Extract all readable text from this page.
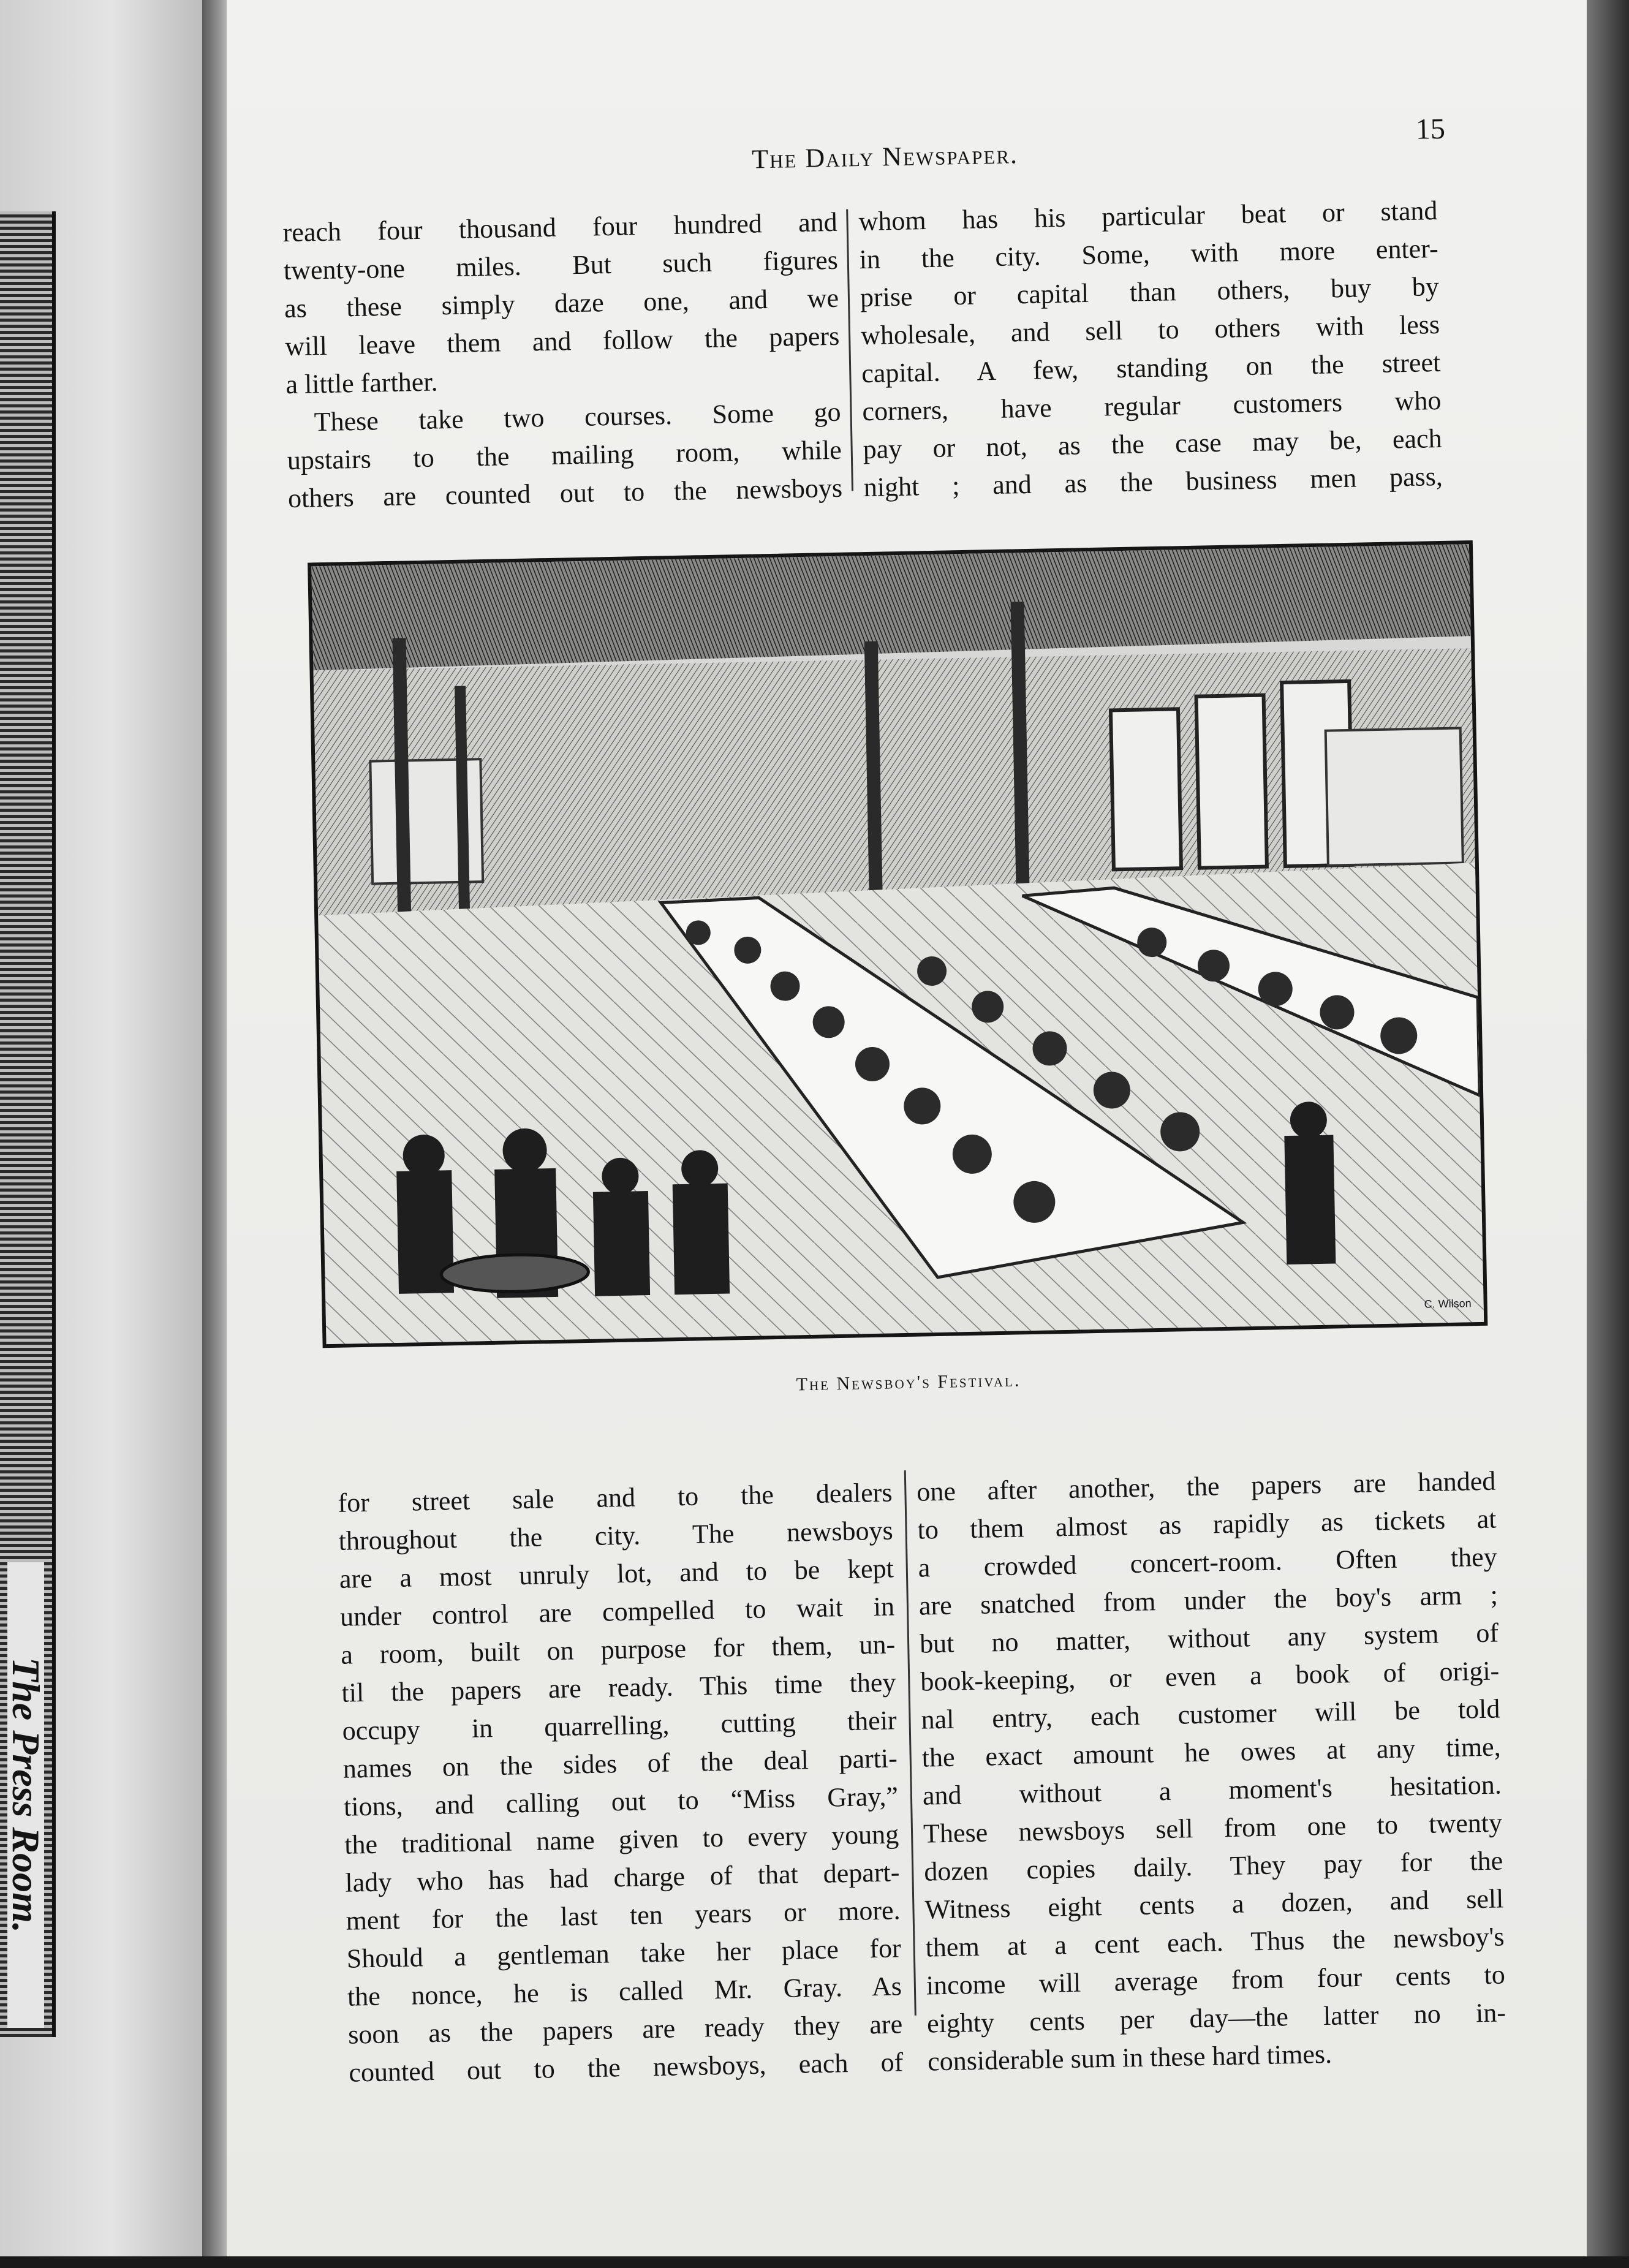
The Press Room.
The Daily Newspaper.
15
reach four thousand four hundred and
twenty-one miles. But such figures
as these simply daze one, and we
will leave them and follow the papers
a little farther.
These take two courses. Some go
upstairs to the mailing room, while
others are counted out to the newsboys
whom has his particular beat or stand
in the city. Some, with more enter-
prise or capital than others, buy by
wholesale, and sell to others with less
capital. A few, standing on the street
corners, have regular customers who
pay or not, as the case may be, each
night ; and as the business men pass,
C. Wilson
The Newsboy's Festival.
for street sale and to the dealers
throughout the city. The newsboys
are a most unruly lot, and to be kept
under control are compelled to wait in
a room, built on purpose for them, un-
til the papers are ready. This time they
occupy in quarrelling, cutting their
names on the sides of the deal parti-
tions, and calling out to “Miss Gray,”
the traditional name given to every young
lady who has had charge of that depart-
ment for the last ten years or more.
Should a gentleman take her place for
the nonce, he is called Mr. Gray. As
soon as the papers are ready they are
counted out to the newsboys, each of
one after another, the papers are handed
to them almost as rapidly as tickets at
a crowded concert-room. Often they
are snatched from under the boy's arm ;
but no matter, without any system of
book-keeping, or even a book of origi-
nal entry, each customer will be told
the exact amount he owes at any time,
and without a moment's hesitation.
These newsboys sell from one to twenty
dozen copies daily. They pay for the
Witness eight cents a dozen, and sell
them at a cent each. Thus the newsboy's
income will average from four cents to
eighty cents per day—the latter no in-
considerable sum in these hard times.
